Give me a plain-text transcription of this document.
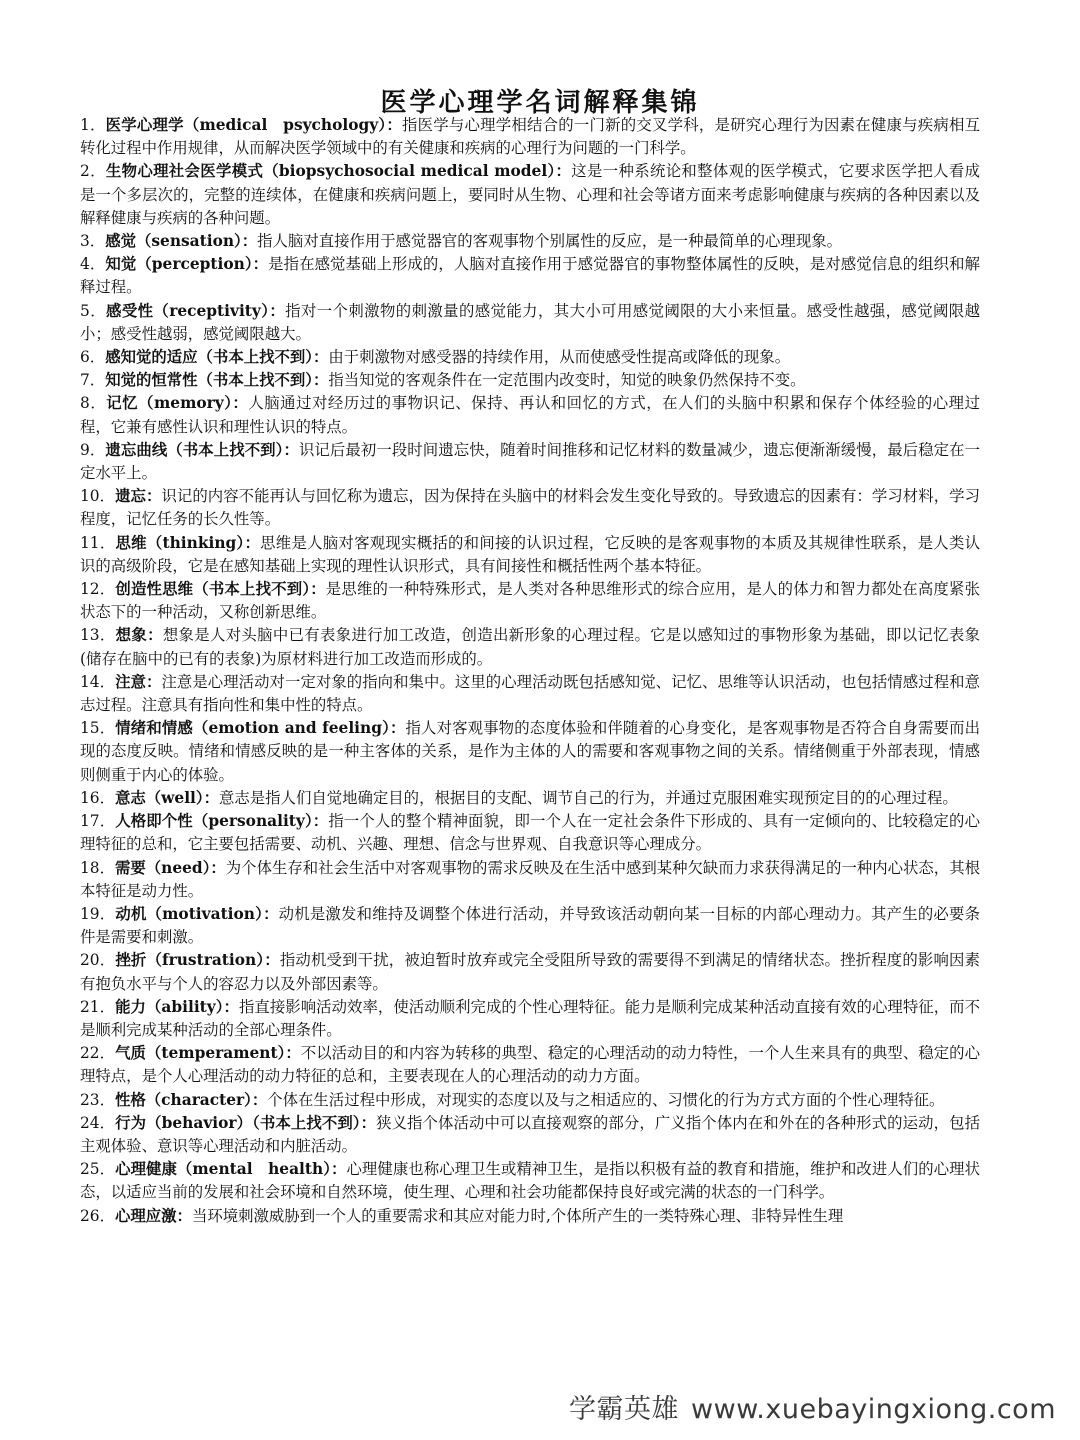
医学心理学名词解释集锦

1．医学心理学（medical　psychology）：指医学与心理学相结合的一门新的交叉学科，是研究心理行为因素在健康与疾病相互转化过程中作用规律，从而解决医学领域中的有关健康和疾病的心理行为问题的一门科学。

2．生物心理社会医学模式（biopsychosocial medical model）：这是一种系统论和整体观的医学模式，它要求医学把人看成是一个多层次的，完整的连续体，在健康和疾病问题上，要同时从生物、心理和社会等诸方面来考虑影响健康与疾病的各种因素以及解释健康与疾病的各种问题。

3．感觉（sensation）：指人脑对直接作用于感觉器官的客观事物个别属性的反应，是一种最简单的心理现象。

4．知觉（perception）：是指在感觉基础上形成的，人脑对直接作用于感觉器官的事物整体属性的反映，是对感觉信息的组织和解释过程。

5．感受性（receptivity）：指对一个刺激物的刺激量的感觉能力，其大小可用感觉阈限的大小来恒量。感受性越强，感觉阈限越小；感受性越弱，感觉阈限越大。

6．感知觉的适应（书本上找不到）：由于刺激物对感受器的持续作用，从而使感受性提高或降低的现象。

7．知觉的恒常性（书本上找不到）：指当知觉的客观条件在一定范围内改变时，知觉的映象仍然保持不变。

8．记忆（memory）：人脑通过对经历过的事物识记、保持、再认和回忆的方式，在人们的头脑中积累和保存个体经验的心理过程，它兼有感性认识和理性认识的特点。

9．遗忘曲线（书本上找不到）：识记后最初一段时间遗忘快，随着时间推移和记忆材料的数量减少，遗忘便渐渐缓慢，最后稳定在一定水平上。

10．遗忘：识记的内容不能再认与回忆称为遗忘，因为保持在头脑中的材料会发生变化导致的。导致遗忘的因素有：学习材料，学习程度，记忆任务的长久性等。

11．思维（thinking）：思维是人脑对客观现实概括的和间接的认识过程，它反映的是客观事物的本质及其规律性联系，是人类认识的高级阶段，它是在感知基础上实现的理性认识形式，具有间接性和概括性两个基本特征。

12．创造性思维（书本上找不到）：是思维的一种特殊形式，是人类对各种思维形式的综合应用，是人的体力和智力都处在高度紧张状态下的一种活动，又称创新思维。

13．想象：想象是人对头脑中已有表象进行加工改造，创造出新形象的心理过程。它是以感知过的事物形象为基础，即以记忆表象(储存在脑中的已有的表象)为原材料进行加工改造而形成的。

14．注意：注意是心理活动对一定对象的指向和集中。这里的心理活动既包括感知觉、记忆、思维等认识活动，也包括情感过程和意志过程。注意具有指向性和集中性的特点。

15．情绪和情感（emotion and feeling）：指人对客观事物的态度体验和伴随着的心身变化，是客观事物是否符合自身需要而出现的态度反映。情绪和情感反映的是一种主客体的关系，是作为主体的人的需要和客观事物之间的关系。情绪侧重于外部表现，情感则侧重于内心的体验。

16．意志（well）：意志是指人们自觉地确定目的，根据目的支配、调节自己的行为，并通过克服困难实现预定目的的心理过程。

17．人格即个性（personality）：指一个人的整个精神面貌，即一个人在一定社会条件下形成的、具有一定倾向的、比较稳定的心理特征的总和，它主要包括需要、动机、兴趣、理想、信念与世界观、自我意识等心理成分。

18．需要（need）：为个体生存和社会生活中对客观事物的需求反映及在生活中感到某种欠缺而力求获得满足的一种内心状态，其根本特征是动力性。

19．动机（motivation）：动机是激发和维持及调整个体进行活动，并导致该活动朝向某一目标的内部心理动力。其产生的必要条件是需要和刺激。

20．挫折（frustration）：指动机受到干扰，被迫暂时放弃或完全受阻所导致的需要得不到满足的情绪状态。挫折程度的影响因素有抱负水平与个人的容忍力以及外部因素等。

21．能力（ability）：指直接影响活动效率，使活动顺利完成的个性心理特征。能力是顺利完成某种活动直接有效的心理特征，而不是顺利完成某种活动的全部心理条件。

22．气质（temperament）：不以活动目的和内容为转移的典型、稳定的心理活动的动力特性，一个人生来具有的典型、稳定的心理特点，是个人心理活动的动力特征的总和，主要表现在人的心理活动的动力方面。

23．性格（character）：个体在生活过程中形成，对现实的态度以及与之相适应的、习惯化的行为方式方面的个性心理特征。

24．行为（behavior）（书本上找不到）：狭义指个体活动中可以直接观察的部分，广义指个体内在和外在的各种形式的运动，包括主观体验、意识等心理活动和内脏活动。

25．心理健康（mental　health）：心理健康也称心理卫生或精神卫生，是指以积极有益的教育和措施，维护和改进人们的心理状态，以适应当前的发展和社会环境和自然环境，使生理、心理和社会功能都保持良好或完满的状态的一门科学。

26．心理应激：当环境刺激威胁到一个人的重要需求和其应对能力时,个体所产生的一类特殊心理、非特异性生理

学霸英雄 www.xuebayingxiong.com
